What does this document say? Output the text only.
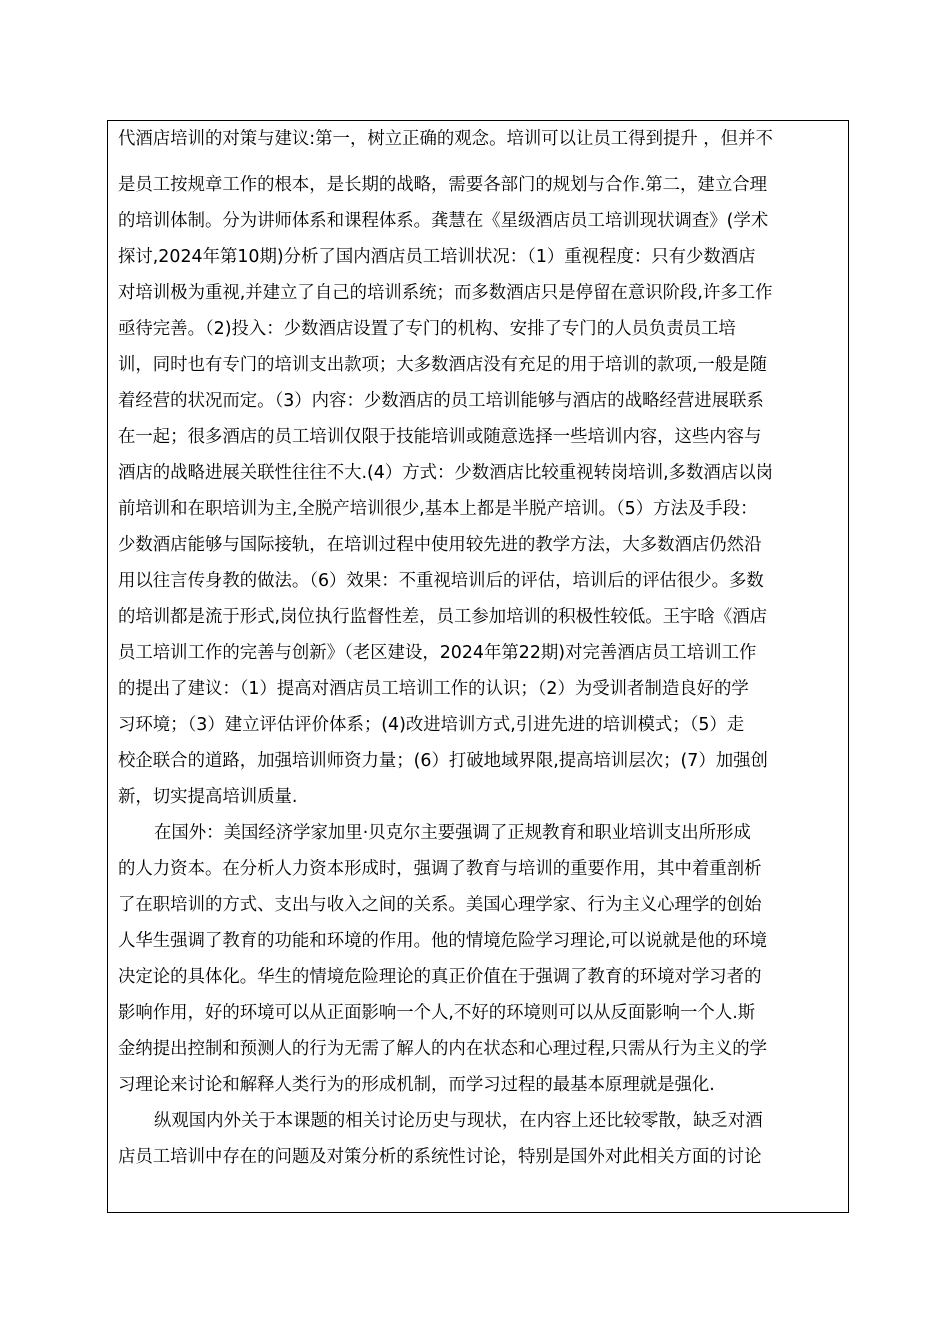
代酒店培训的对策与建议:第一，树立正确的观念。培训可以让员工得到提升 ，但并不
是员工按规章工作的根本，是长期的战略，需要各部门的规划与合作.第二，建立合理
的培训体制。分为讲师体系和课程体系。龚慧在《星级酒店员工培训现状调查》(学术
探讨,2024年第10期)分析了国内酒店员工培训状况：（1）重视程度：只有少数酒店
对培训极为重视,并建立了自己的培训系统；而多数酒店只是停留在意识阶段,许多工作
亟待完善。（2)投入：少数酒店设置了专门的机构、安排了专门的人员负责员工培
训，同时也有专门的培训支出款项；大多数酒店没有充足的用于培训的款项,一般是随
着经营的状况而定。（3）内容：少数酒店的员工培训能够与酒店的战略经营进展联系
在一起；很多酒店的员工培训仅限于技能培训或随意选择一些培训内容，这些内容与
酒店的战略进展关联性往往不大.(4）方式：少数酒店比较重视转岗培训,多数酒店以岗
前培训和在职培训为主,全脱产培训很少,基本上都是半脱产培训。（5）方法及手段：
少数酒店能够与国际接轨，在培训过程中使用较先进的教学方法，大多数酒店仍然沿
用以往言传身教的做法。（6）效果：不重视培训后的评估，培训后的评估很少。多数
的培训都是流于形式,岗位执行监督性差，员工参加培训的积极性较低。王宇晗《酒店
员工培训工作的完善与创新》（老区建设，2024年第22期)对完善酒店员工培训工作
的提出了建议：（1）提高对酒店员工培训工作的认识；（2）为受训者制造良好的学
习环境；（3）建立评估评价体系；(4)改进培训方式,引进先进的培训模式；（5）走
校企联合的道路，加强培训师资力量；(6）打破地域界限,提高培训层次；(7）加强创
新，切实提高培训质量.
在国外：美国经济学家加里·贝克尔主要强调了正规教育和职业培训支出所形成
的人力资本。在分析人力资本形成时，强调了教育与培训的重要作用，其中着重剖析
了在职培训的方式、支出与收入之间的关系。美国心理学家、行为主义心理学的创始
人华生强调了教育的功能和环境的作用。他的情境危险学习理论,可以说就是他的环境
决定论的具体化。华生的情境危险理论的真正价值在于强调了教育的环境对学习者的
影响作用，好的环境可以从正面影响一个人,不好的环境则可以从反面影响一个人.斯
金纳提出控制和预测人的行为无需了解人的内在状态和心理过程,只需从行为主义的学
习理论来讨论和解释人类行为的形成机制，而学习过程的最基本原理就是强化.
纵观国内外关于本课题的相关讨论历史与现状，在内容上还比较零散，缺乏对酒
店员工培训中存在的问题及对策分析的系统性讨论，特别是国外对此相关方面的讨论
